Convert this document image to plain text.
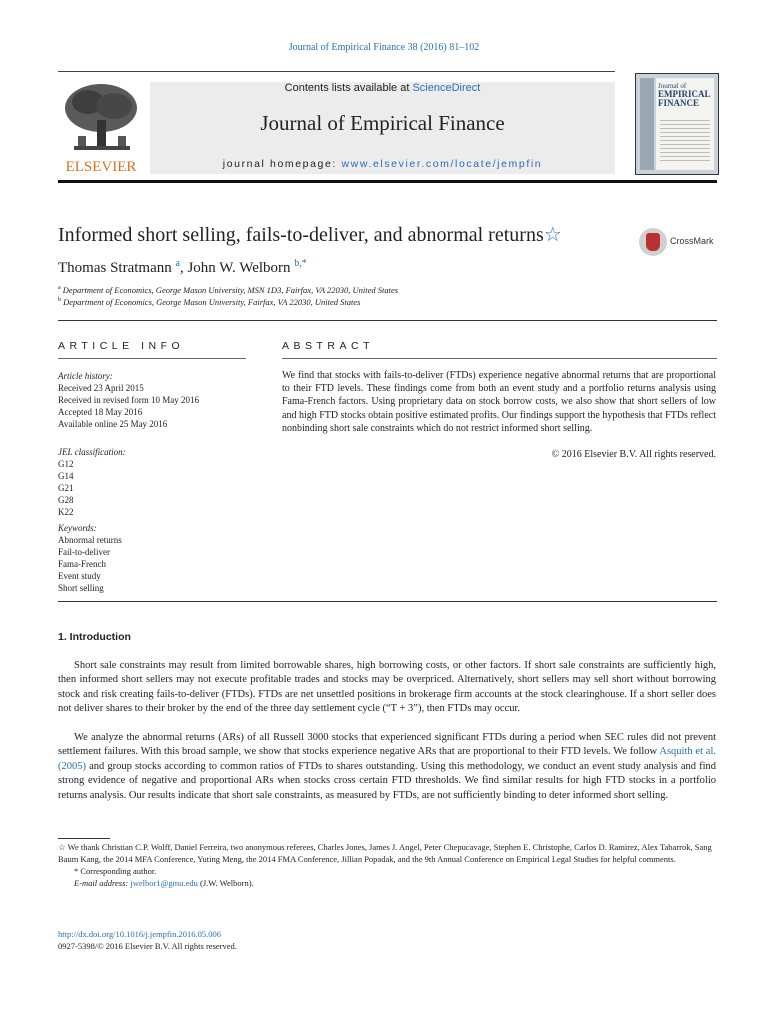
Journal of Empirical Finance 38 (2016) 81–102
ELSEVIER
Contents lists available at ScienceDirect
Journal of Empirical Finance
journal homepage: www.elsevier.com/locate/jempfin
Journal of
EMPIRICAL FINANCE
Informed short selling, fails-to-deliver, and abnormal returns☆	CrossMark
Thomas Stratmann $^a$, John W. Welborn $^{b,*}$
$^a$ Department of Economics, George Mason University, MSN 1D3, Fairfax, VA 22030, United States
$^b$ Department of Economics, George Mason University, Fairfax, VA 22030, United States
ARTICLE INFO	ABSTRACT
Article history:
Received 23 April 2015
Received in revised form 10 May 2016
Accepted 18 May 2016
Available online 25 May 2016
JEL classification:
G12
G14
G21
G28
K22
Keywords:
Abnormal returns
Fail-to-deliver
Fama-French
Event study
Short selling
We find that stocks with fails-to-deliver (FTDs) experience negative abnormal returns that are proportional to their FTD levels. These findings come from both an event study and a portfolio returns analysis using Fama-French factors. Using proprietary data on stock borrow costs, we also show that short sellers of low and high FTD stocks obtain positive estimated profits. Our findings support the hypothesis that FTDs reflect nonbinding short sale constraints which do not restrict informed short selling.
© 2016 Elsevier B.V. All rights reserved.
1. Introduction
Short sale constraints may result from limited borrowable shares, high borrowing costs, or other factors. If short sale constraints are sufficiently high, then informed short sellers may not execute profitable trades and stocks may be overpriced. Alternatively, short sellers may sell short without borrowing stock and risk creating fails-to-deliver (FTDs). FTDs are net unsettled positions in brokerage firm accounts at the stock clearinghouse. If a short seller does not deliver shares to their broker by the end of the three day settlement cycle (“T + 3”), then FTDs may occur.
We analyze the abnormal returns (ARs) of all Russell 3000 stocks that experienced significant FTDs during a period when SEC rules did not prevent settlement failures. With this broad sample, we show that stocks experience negative ARs that are proportional to their FTD levels. We follow Asquith et al. (2005) and group stocks according to common ratios of FTDs to shares outstanding. Using this methodology, we conduct an event study analysis and find strong evidence of negative and proportional ARs when stocks cross certain FTD thresholds. We find similar results for high FTD stocks in a portfolio returns analysis. Our results indicate that short sale constraints, as measured by FTDs, are not sufficiently binding to deter informed short selling.

☆ We thank Christian C.P. Wolff, Daniel Ferreira, two anonymous referees, Charles Jones, James J. Angel, Peter Chepucavage, Stephen E. Christophe, Carlos D. Ramirez, Alex Tabarrok, Sang Baum Kang, the 2014 MFA Conference, Yuting Meng, the 2014 FMA Conference, Jillian Popadak, and the 9th Annual Conference on Empirical Legal Studies for helpful comments.

* Corresponding author.

E-mail address: jwelbor1@gmu.edu (J.W. Welborn).

http://dx.doi.org/10.1016/j.jempfin.2016.05.006
0927-5398/© 2016 Elsevier B.V. All rights reserved.
